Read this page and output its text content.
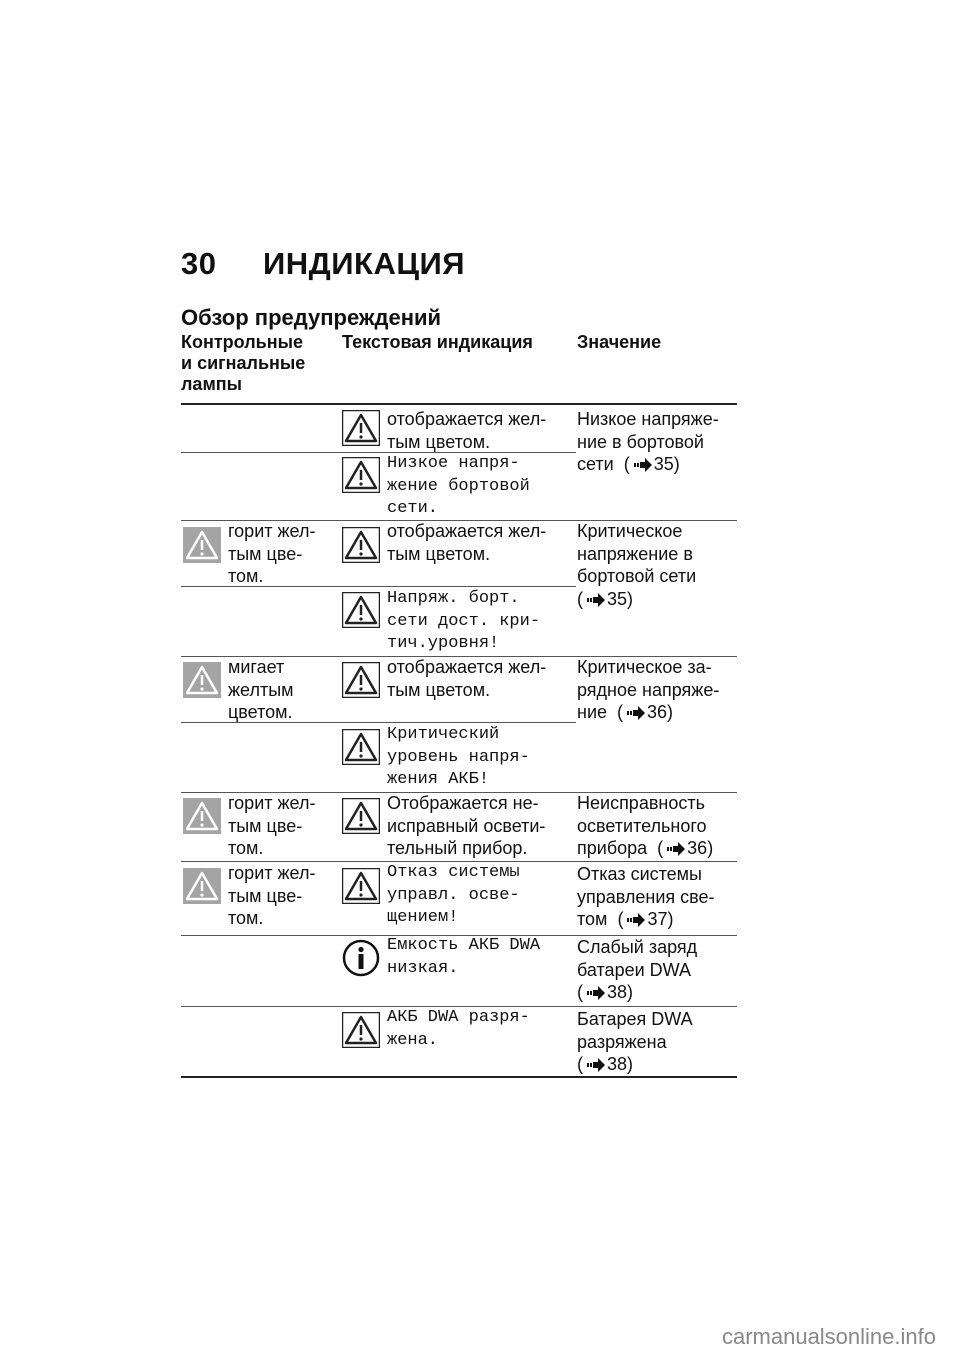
30 ИНДИКАЦИЯ
Обзор предупреждений
Контрольные
и сигнальные
лампы
Текстовая индикация Значение
отображается жел-
тым цветом.
Низкое напряже-
ние в бортовой
сети ( 35)
Низкое напря-
жение бортовой
сети.
горит жел-
тым цве-
том.
отображается жел-
тым цветом.
Критическое
напряжение в
бортовой сети
( 35)
Напряж. борт.
сети дост. кри-
тич.уровня!
мигает
желтым
цветом.
отображается жел-
тым цветом.
Критическое за-
рядное напряже-
ние ( 36)
Критический
уровень напря-
жения АКБ!
горит жел-
тым цве-
том.
Отображается не-
исправный освети-
тельный прибор.
Неисправность
осветительного
прибора ( 36)
горит жел-
тым цве-
том.
Отказ системы
управл. осве-
щением!
Отказ системы
управления све-
том ( 37)
Емкость АКБ DWA
низкая.
Слабый заряд
батареи DWA
( 38)
АКБ DWA разря-
жена.
Батарея DWA
разряжена
( 38)
carmanualsonline.info
